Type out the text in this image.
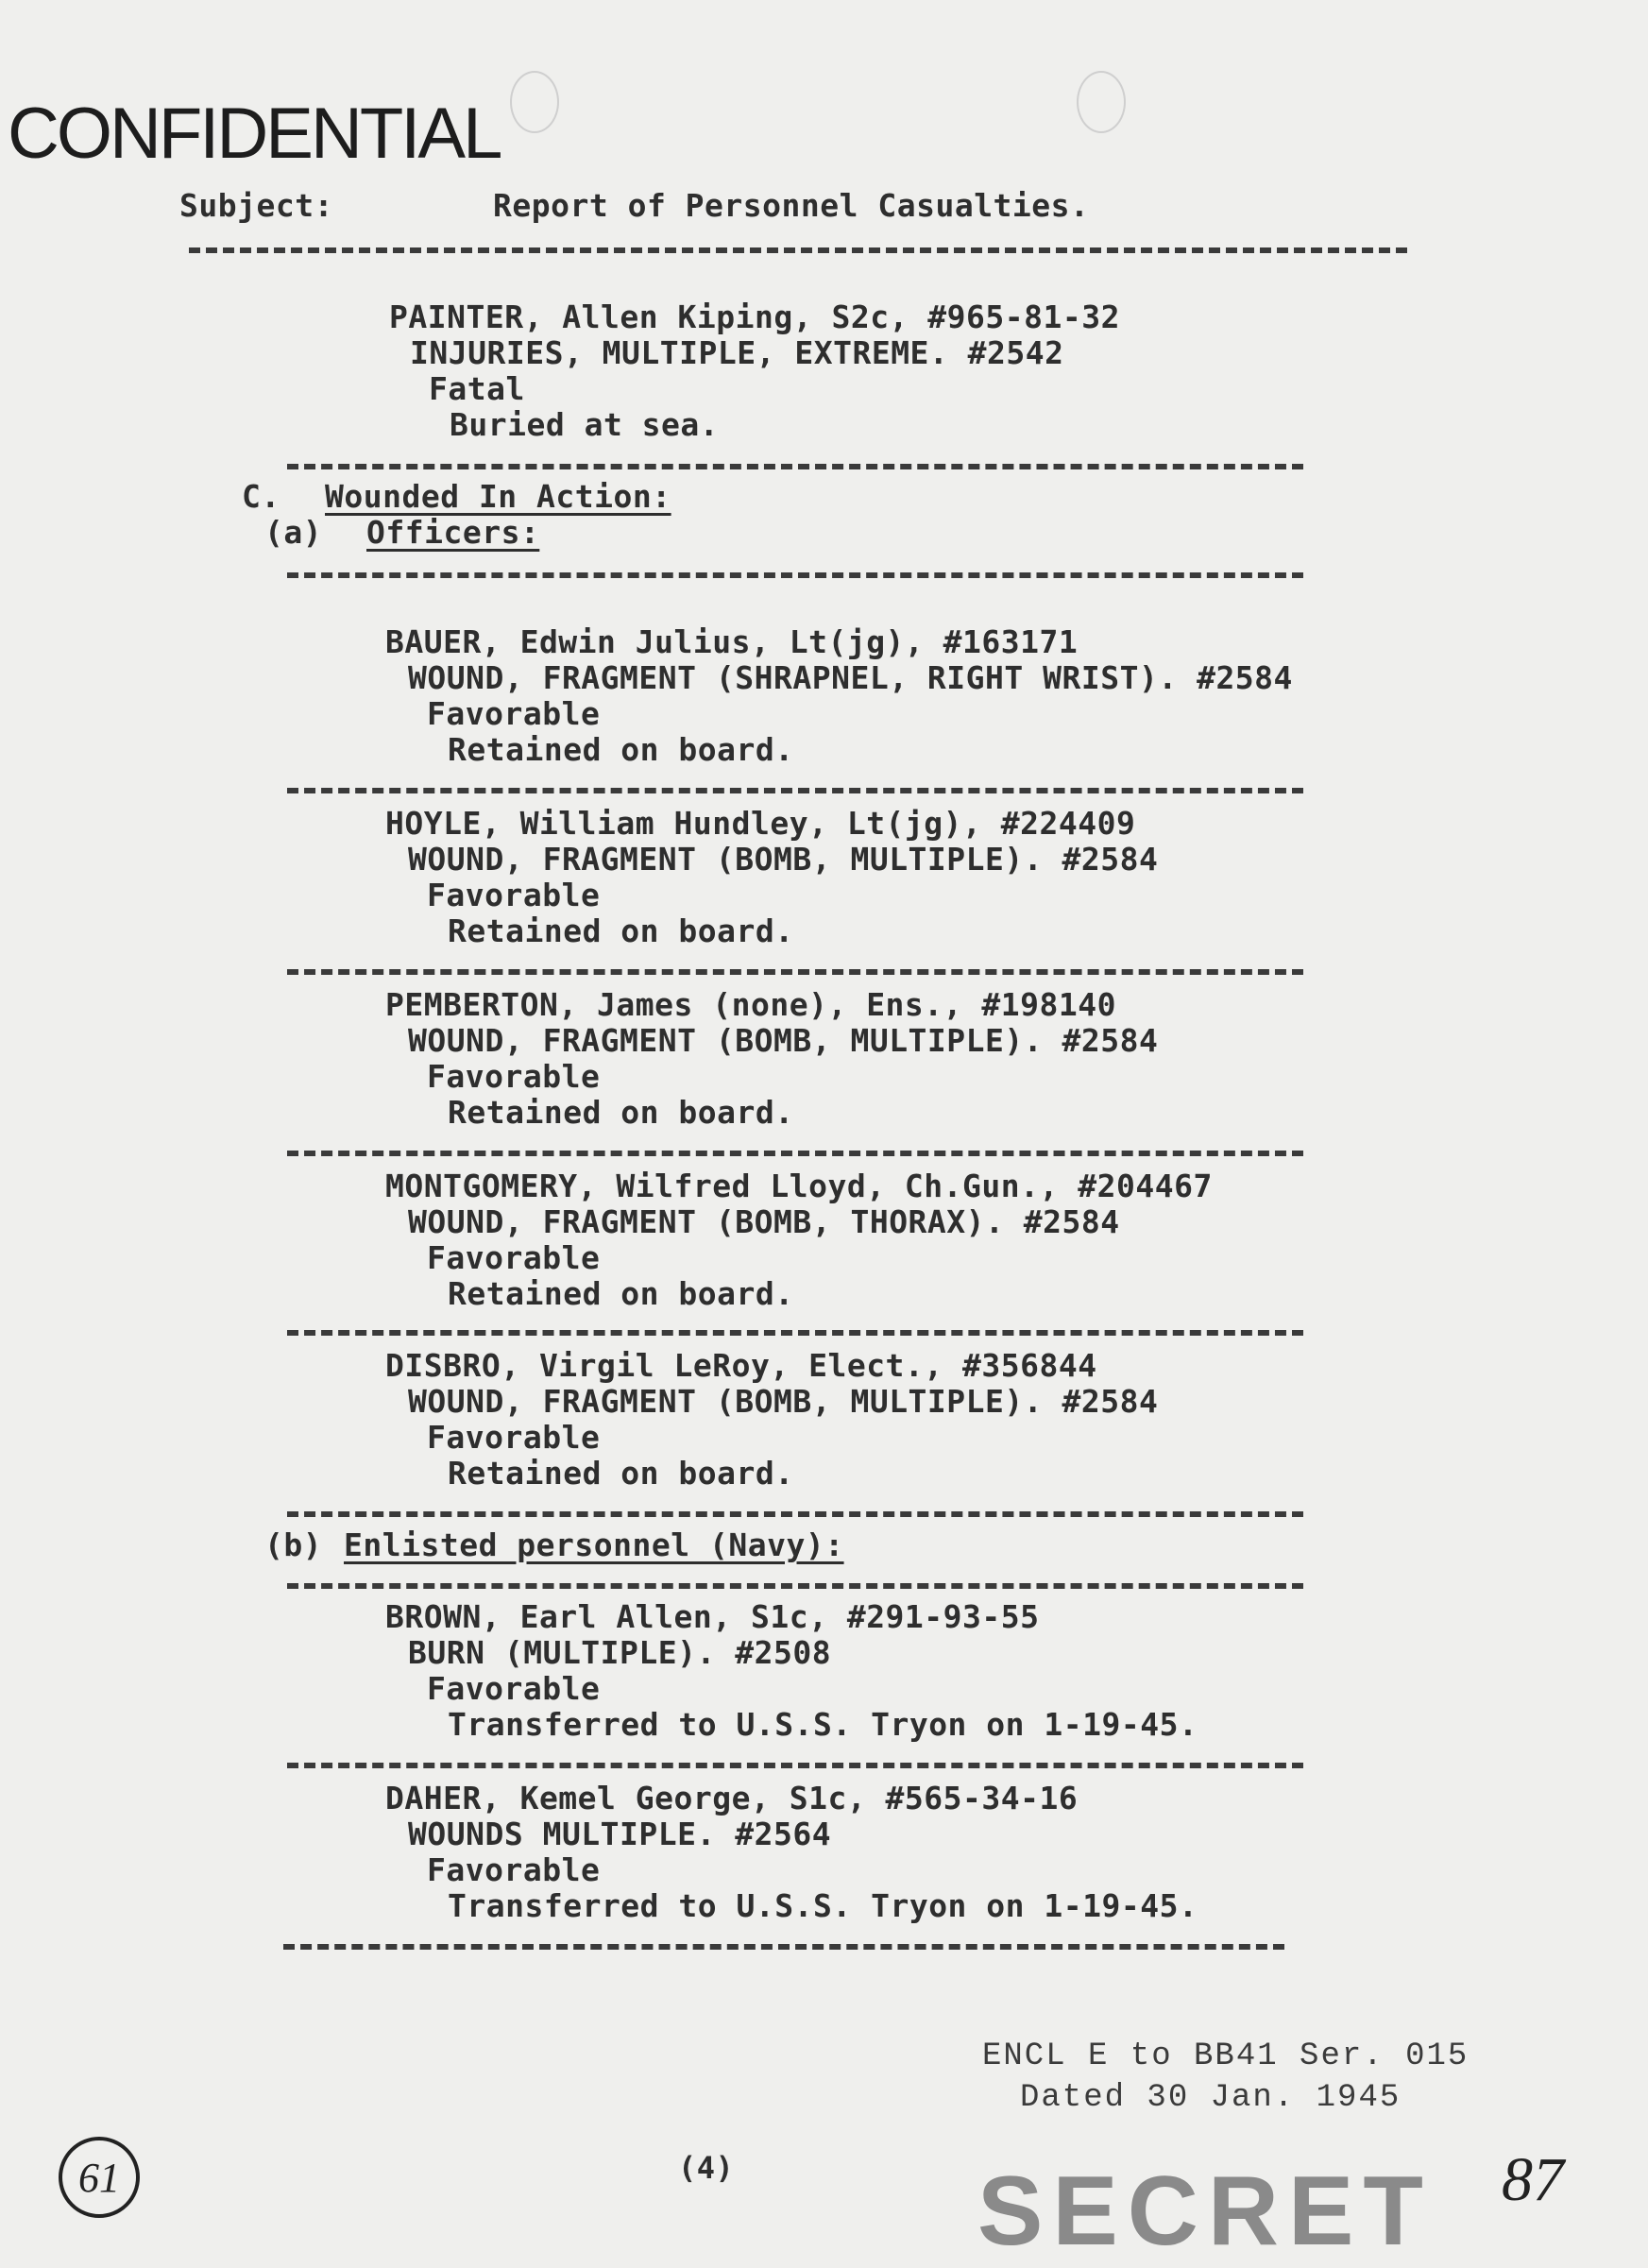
CONFIDENTIAL
Subject:	Report of Personnel Casualties.
PAINTER, Allen Kiping, S2c, #965-81-32
INJURIES, MULTIPLE, EXTREME. #2542
Fatal
Buried at sea.
C. Wounded In Action:
(a) Officers:
BAUER, Edwin Julius, Lt(jg), #163171
WOUND, FRAGMENT (SHRAPNEL, RIGHT WRIST). #2584
Favorable
Retained on board.
HOYLE, William Hundley, Lt(jg), #224409
WOUND, FRAGMENT (BOMB, MULTIPLE). #2584
Favorable
Retained on board.
PEMBERTON, James (none), Ens., #198140
WOUND, FRAGMENT (BOMB, MULTIPLE). #2584
Favorable
Retained on board.
MONTGOMERY, Wilfred Lloyd, Ch.Gun., #204467
WOUND, FRAGMENT (BOMB, THORAX). #2584
Favorable
Retained on board.
DISBRO, Virgil LeRoy, Elect., #356844
WOUND, FRAGMENT (BOMB, MULTIPLE). #2584
Favorable
Retained on board.
(b) Enlisted personnel (Navy):
BROWN, Earl Allen, S1c, #291-93-55
BURN (MULTIPLE). #2508
Favorable
Transferred to U.S.S. Tryon on 1-19-45.
DAHER, Kemel George, S1c, #565-34-16
WOUNDS MULTIPLE. #2564
Favorable
Transferred to U.S.S. Tryon on 1-19-45.
ENCL E to BB41 Ser. 015
Dated 30 Jan. 1945
61	(4) SECRET 87
